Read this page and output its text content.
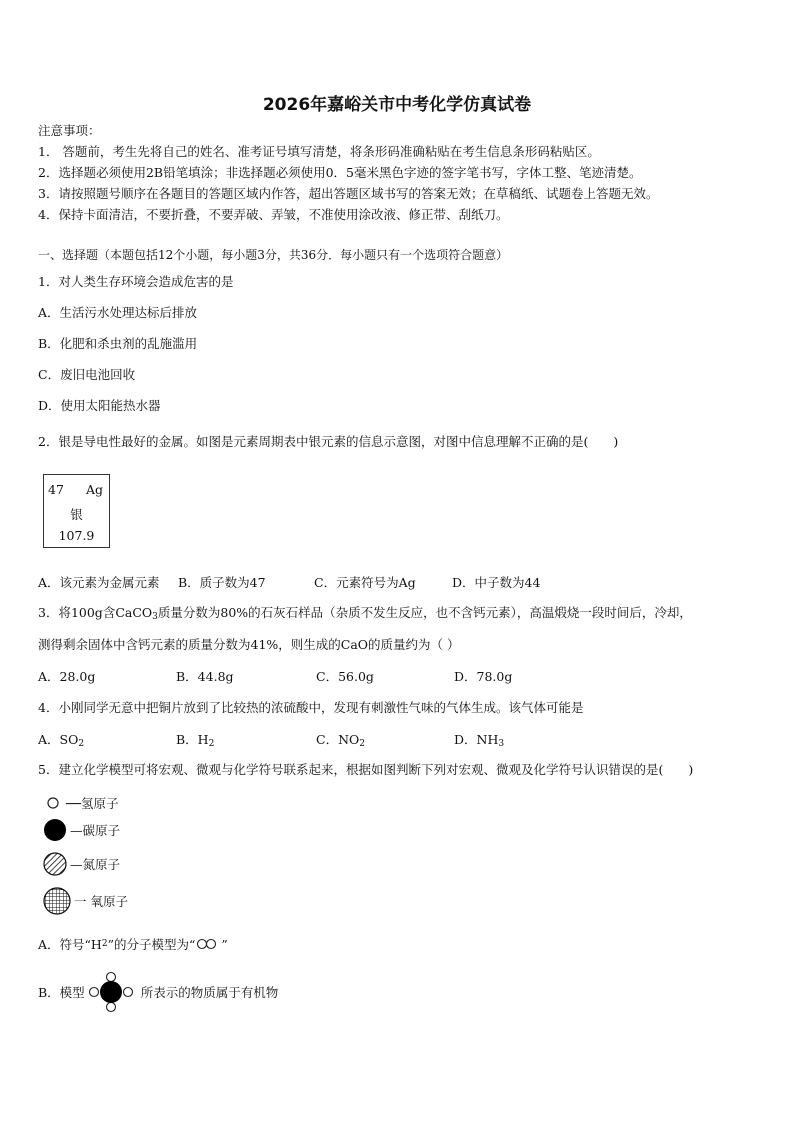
2026年嘉峪关市中考化学仿真试卷
注意事项：
1． 答题前，考生先将自己的姓名、准考证号填写清楚，将条形码准确粘贴在考生信息条形码粘贴区。
2．选择题必须使用2B铅笔填涂；非选择题必须使用0．5毫米黑色字迹的签字笔书写，字体工整、笔迹清楚。
3．请按照题号顺序在各题目的答题区域内作答，超出答题区域书写的答案无效；在草稿纸、试题卷上答题无效。
4．保持卡面清洁，不要折叠，不要弄破、弄皱，不准使用涂改液、修正带、刮纸刀。
一、选择题（本题包括12个小题，每小题3分，共36分．每小题只有一个选项符合题意）
1．对人类生存环境会造成危害的是
A．生活污水处理达标后排放
B．化肥和杀虫剂的乱施滥用
C．废旧电池回收
D．使用太阳能热水器
2．银是导电性最好的金属。如图是元素周期表中银元素的信息示意图，对图中信息理解不正确的是(　　)
47 Ag
银
107.9
A．该元素为金属元素	B．质子数为47	C．元素符号为Ag	D．中子数为44
3．将100g含CaCO$_3$质量分数为80%的石灰石样品（杂质不发生反应，也不含钙元素），高温煅烧一段时间后，冷却，
测得剩余固体中含钙元素的质量分数为41%，则生成的CaO的质量约为（ ）
A．28.0g	B．44.8g	C．56.0g	D．78.0g
4．小刚同学无意中把铜片放到了比较热的浓硫酸中，发现有刺激性气味的气体生成。该气体可能是
A．$SO_2$	B．$H_2$	C．$NO_2$	D．$NH_3$
5．建立化学模型可将宏观、微观与化学符号联系起来，根据如图判断下列对宏观、微观及化学符号认识错误的是(　　)
──氢原子
—碳原子
—氮原子
一 氧原子
A．符号“H 2 ”的分子模型为“ ”
B．模型	所表示的物质属于有机物
